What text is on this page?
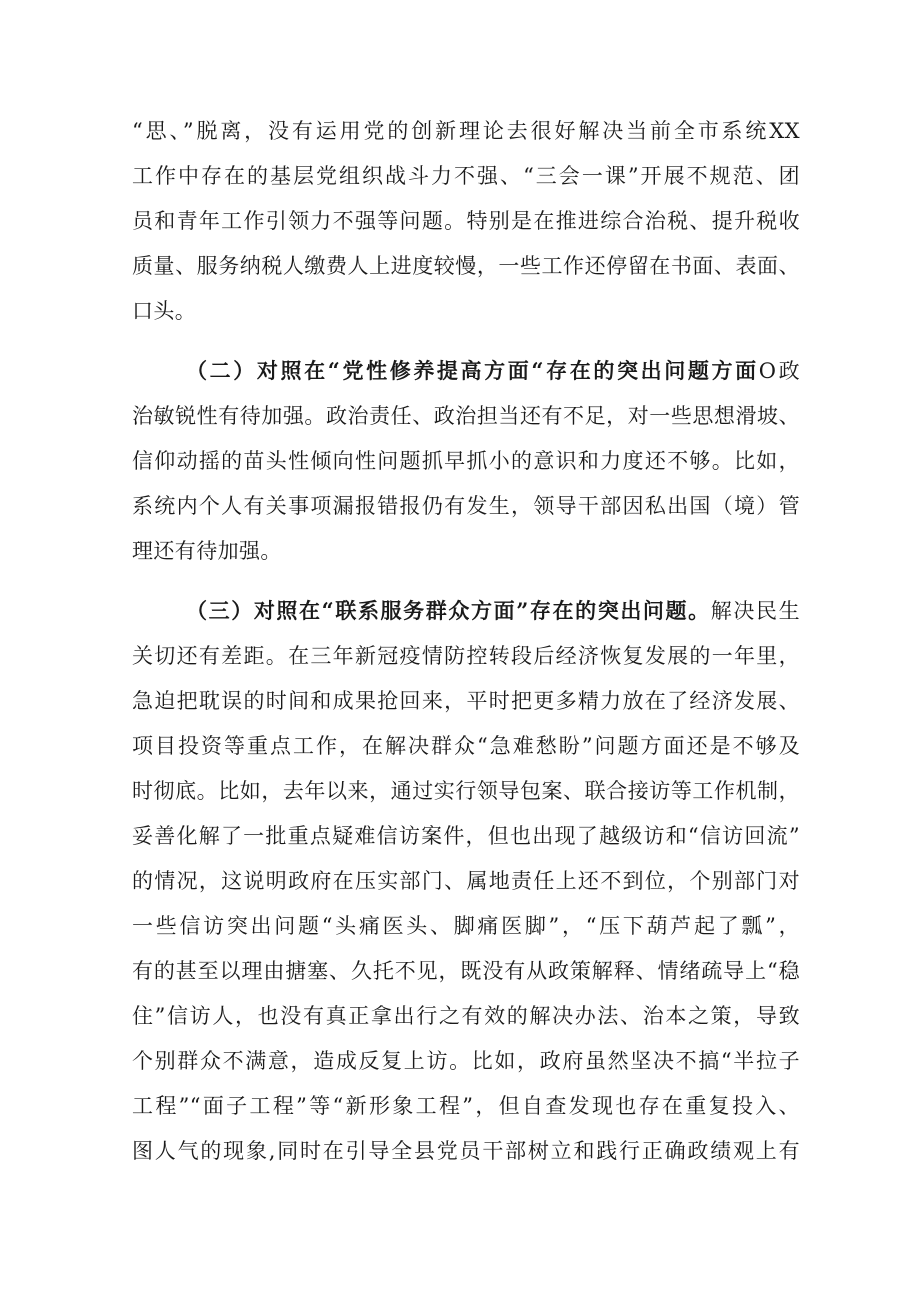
“思、”脱离，没有运用党的创新理论去很好解决当前全市系统XX
工作中存在的基层党组织战斗力不强、“三会一课”开展不规范、团
员和青年工作引领力不强等问题。特别是在推进综合治税、提升税收
质量、服务纳税人缴费人上进度较慢，一些工作还停留在书面、表面、
口头。
（二）对照在“党性修养提高方面“存在的突出问题方面O政
治敏锐性有待加强。政治责任、政治担当还有不足，对一些思想滑坡、
信仰动摇的苗头性倾向性问题抓早抓小的意识和力度还不够。比如，
系统内个人有关事项漏报错报仍有发生，领导干部因私出国（境）管
理还有待加强。
（三）对照在“联系服务群众方面”存在的突出问题。解决民生
关切还有差距。在三年新冠疫情防控转段后经济恢复发展的一年里，
急迫把耽误的时间和成果抢回来，平时把更多精力放在了经济发展、
项目投资等重点工作，在解决群众“急难愁盼”问题方面还是不够及
时彻底。比如，去年以来，通过实行领导包案、联合接访等工作机制，
妥善化解了一批重点疑难信访案件，但也出现了越级访和“信访回流”
的情况，这说明政府在压实部门、属地责任上还不到位，个别部门对
一些信访突出问题“头痛医头、脚痛医脚”，“压下葫芦起了瓢”，
有的甚至以理由搪塞、久托不见，既没有从政策解释、情绪疏导上“稳
住”信访人，也没有真正拿出行之有效的解决办法、治本之策，导致
个别群众不满意，造成反复上访。比如，政府虽然坚决不搞“半拉子
工程”“面子工程”等“新形象工程”，但自查发现也存在重复投入、
图人气的现象,同时在引导全县党员干部树立和践行正确政绩观上有
